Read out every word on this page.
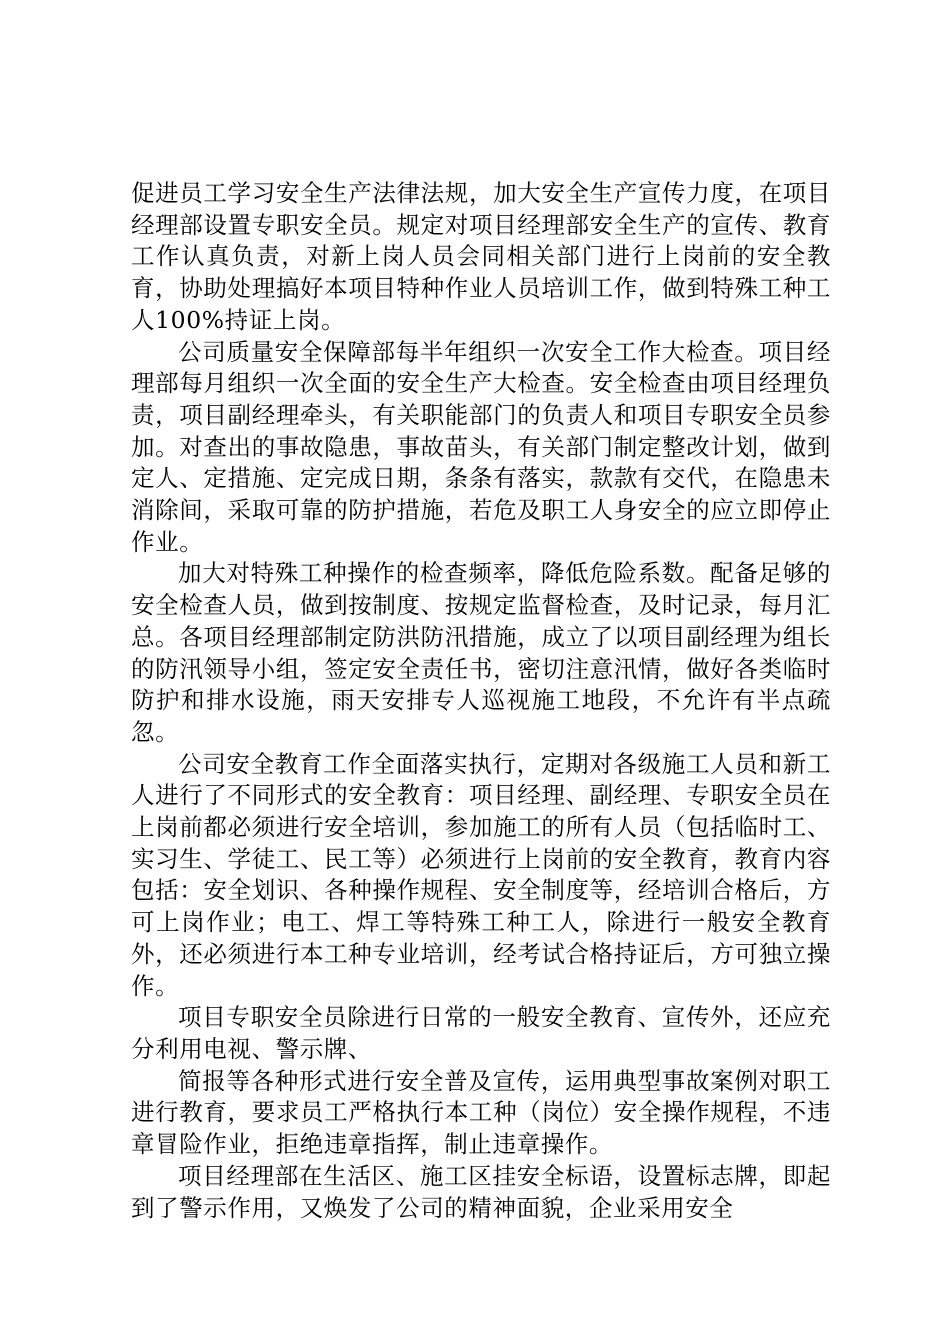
促进员工学习安全生产法律法规，加大安全生产宣传力度，在项目经理部设置专职安全员。规定对项目经理部安全生产的宣传、教育工作认真负责，对新上岗人员会同相关部门进行上岗前的安全教育，协助处理搞好本项目特种作业人员培训工作，做到特殊工种工人100%持证上岗。

公司质量安全保障部每半年组织一次安全工作大检查。项目经理部每月组织一次全面的安全生产大检查。安全检查由项目经理负责，项目副经理牵头，有关职能部门的负责人和项目专职安全员参加。对查出的事故隐患，事故苗头，有关部门制定整改计划，做到定人、定措施、定完成日期，条条有落实，款款有交代，在隐患未消除间，采取可靠的防护措施，若危及职工人身安全的应立即停止作业。

加大对特殊工种操作的检查频率，降低危险系数。配备足够的安全检查人员，做到按制度、按规定监督检查，及时记录，每月汇总。各项目经理部制定防洪防汛措施，成立了以项目副经理为组长的防汛领导小组，签定安全责任书，密切注意汛情，做好各类临时防护和排水设施，雨天安排专人巡视施工地段，不允许有半点疏忽。

公司安全教育工作全面落实执行，定期对各级施工人员和新工人进行了不同形式的安全教育：项目经理、副经理、专职安全员在上岗前都必须进行安全培训，参加施工的所有人员（包括临时工、实习生、学徒工、民工等）必须进行上岗前的安全教育，教育内容包括：安全划识、各种操作规程、安全制度等，经培训合格后，方可上岗作业；电工、焊工等特殊工种工人，除进行一般安全教育外，还必须进行本工种专业培训，经考试合格持证后，方可独立操作。

项目专职安全员除进行日常的一般安全教育、宣传外，还应充分利用电视、警示牌、

简报等各种形式进行安全普及宣传，运用典型事故案例对职工进行教育，要求员工严格执行本工种（岗位）安全操作规程，不违章冒险作业，拒绝违章指挥，制止违章操作。

项目经理部在生活区、施工区挂安全标语，设置标志牌，即起到了警示作用，又焕发了公司的精神面貌，企业采用安全
